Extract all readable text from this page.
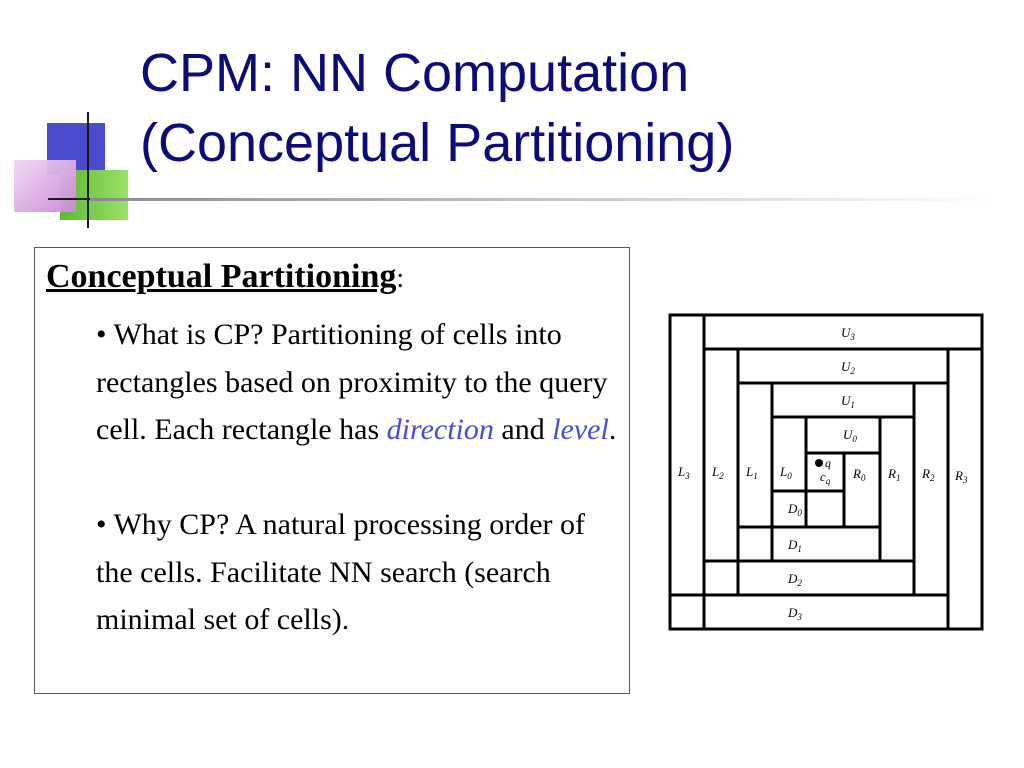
CPM: NN Computation
(Conceptual Partitioning)
Conceptual Partitioning:
• What is CP? Partitioning of cells into rectangles based on proximity to the query cell. Each rectangle has direction and level.
• Why CP? A natural processing order of the cells. Facilitate NN search (search minimal set of cells).
$U_3$
$U_2$
$U_1$
$U_0$
$L_3$ $L_2$ $L_1$ $L_0$	$R_0$ $R_1$ $R_2$ $R_3$
$D_0$
$D_1$
$D_2$
$D_3$
q
$c_q$
